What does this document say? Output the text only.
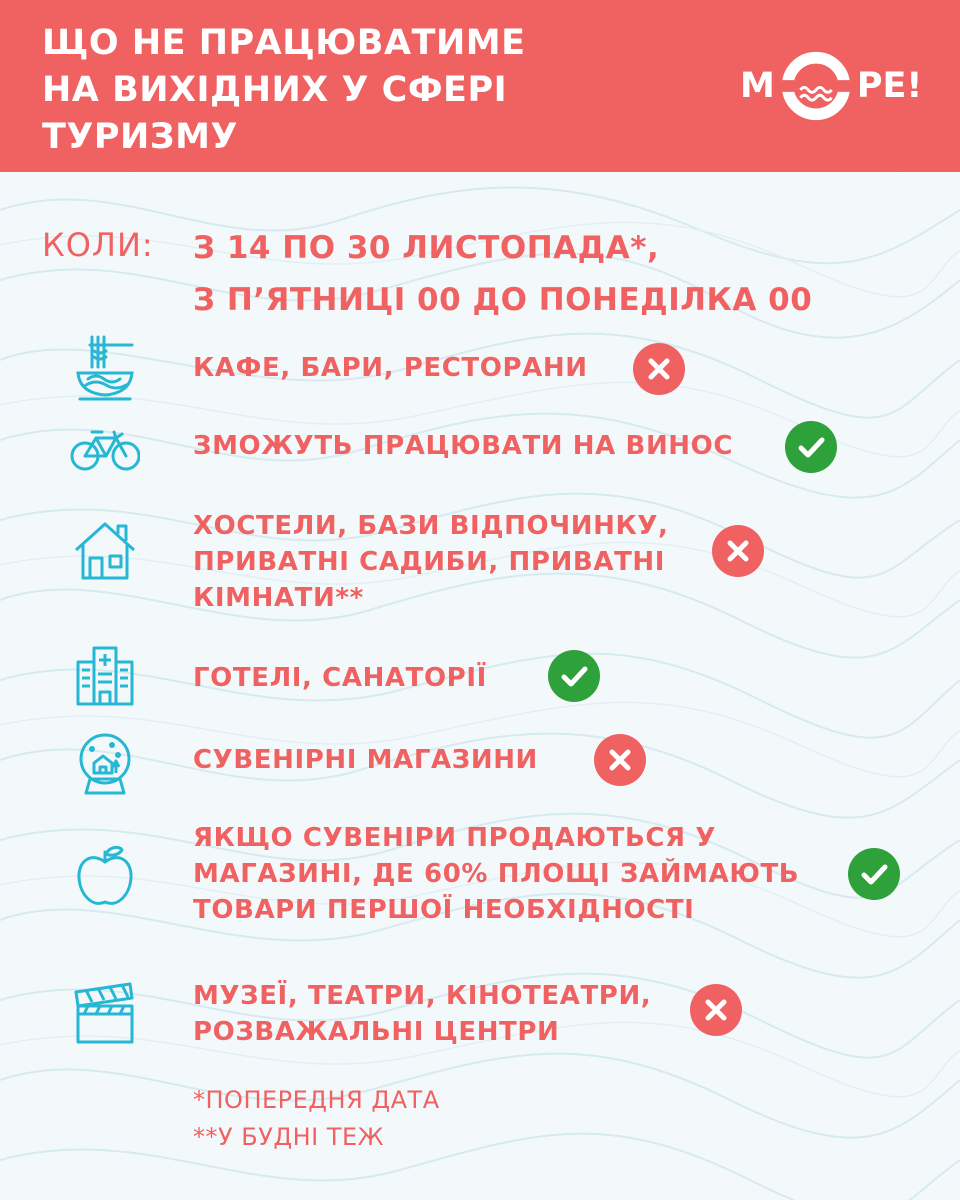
ЩО НЕ ПРАЦЮВАТИМЕ
НА ВИХІДНИХ У СФЕРІ
ТУРИЗМУ
М РЕ!
КОЛИ: З 14 ПО 30 ЛИСТОПАДА*,
З П’ЯТНИЦІ 00 ДО ПОНЕДІЛКА 00
КАФЕ, БАРИ, РЕСТОРАНИ
ЗМОЖУТЬ ПРАЦЮВАТИ НА ВИНОС
ХОСТЕЛИ, БАЗИ ВІДПОЧИНКУ,
ПРИВАТНІ САДИБИ, ПРИВАТНІ
КІМНАТИ**
ГОТЕЛІ, САНАТОРІЇ
СУВЕНІРНІ МАГАЗИНИ
ЯКЩО СУВЕНІРИ ПРОДАЮТЬСЯ У
МАГАЗИНІ, ДЕ 60% ПЛОЩІ ЗАЙМАЮТЬ
ТОВАРИ ПЕРШОЇ НЕОБХІДНОСТІ
МУЗЕЇ, ТЕАТРИ, КІНОТЕАТРИ,
РОЗВАЖАЛЬНІ ЦЕНТРИ
*ПОПЕРЕДНЯ ДАТА
**У БУДНІ ТЕЖ
